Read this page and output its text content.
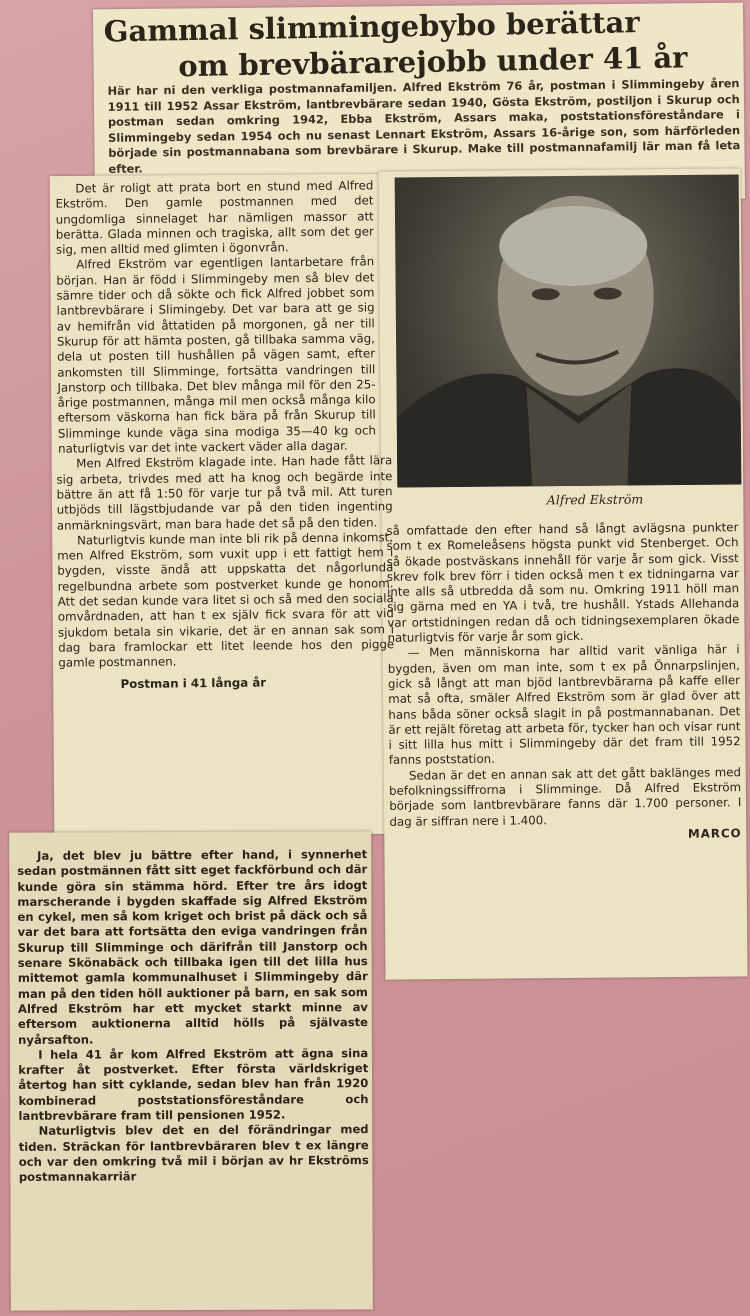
Gammal slimmingebybo berättar
om brevbärarejobb under 41 år
Här har ni den verkliga postmannafamiljen. Alfred Ekström 76 år, postman i Slimmingeby åren 1911 till 1952 Assar Ekström, lantbrevbärare sedan 1940, Gösta Ekström, postiljon i Skurup och postman sedan omkring 1942, Ebba Ekström, Assars maka, poststationsföreståndare i Slimmingeby sedan 1954 och nu senast Lennart Ekström, Assars 16-årige son, som härförleden började sin postmannabana som brevbärare i Skurup. Make till postmannafamilj lär man få leta efter.
Alfred Ekström

Det är roligt att prata bort en stund med Alfred Ekström. Den gamle postmannen med det ungdomliga sinnelaget har nämligen massor att berätta. Glada minnen och tragiska, allt som det ger sig, men alltid med glimten i ögonvrån.

Alfred Ekström var egentligen lantarbetare från början. Han är född i Slimmingeby men så blev det sämre tider och då sökte och fick Alfred jobbet som lantbrevbärare i Slimingeby. Det var bara att ge sig av hemifrån vid åttatiden på morgonen, gå ner till Skurup för att hämta posten, gå tillbaka samma väg, dela ut posten till hushållen på vägen samt, efter ankomsten till Slimminge, fortsätta vandringen till Janstorp och tillbaka. Det blev många mil för den 25-årige postmannen, många mil men också många kilo eftersom väskorna han fick bära på från Skurup till Slimminge kunde väga sina modiga 35—40 kg och naturligtvis var det inte vackert väder alla dagar.

Men Alfred Ekström klagade inte. Han hade fått lära sig arbeta, trivdes med att ha knog och begärde inte bättre än att få 1:50 för varje tur på två mil. Att turen utbjöds till lägstbjudande var på den tiden ingenting anmärkningsvärt, man bara hade det så på den tiden.

Naturligtvis kunde man inte bli rik på denna inkomst, men Alfred Ekström, som vuxit upp i ett fattigt hem i bygden, visste ändå att uppskatta det någorlunda regelbundna arbete som postverket kunde ge honom. Att det sedan kunde vara litet si och så med den sociala omvårdnaden, att han t ex själv fick svara för att vid sjukdom betala sin vikarie, det är en annan sak som i dag bara framlockar ett litet leende hos den pigge gamle postmannen.

Postman i 41 långa år

Ja, det blev ju bättre efter hand, i synnerhet sedan postmännen fått sitt eget fackförbund och där kunde göra sin stämma hörd. Efter tre års idogt marscherande i bygden skaffade sig Alfred Ekström en cykel, men så kom kriget och brist på däck och så var det bara att fortsätta den eviga vandringen från Skurup till Slimminge och därifrån till Janstorp och senare Skönabäck och tillbaka igen till det lilla hus mittemot gamla kommunalhuset i Slimmingeby där man på den tiden höll auktioner på barn, en sak som Alfred Ekström har ett mycket starkt minne av eftersom auktionerna alltid hölls på självaste nyårsafton.

I hela 41 år kom Alfred Ekström att ägna sina krafter åt postverket. Efter första världskriget återtog han sitt cyklande, sedan blev han från 1920 kombinerad poststationsföreståndare och lantbrevbärare fram till pensionen 1952.

Naturligtvis blev det en del förändringar med tiden. Sträckan för lantbrevbäraren blev t ex längre och var den omkring två mil i början av hr Ekströms postmannakarriär

så omfattade den efter hand så långt avlägsna punkter som t ex Romeleåsens högsta punkt vid Stenberget. Och så ökade postväskans innehåll för varje år som gick. Visst skrev folk brev förr i tiden också men t ex tidningarna var inte alls så utbredda då som nu. Omkring 1911 höll man sig gärna med en YA i två, tre hushåll. Ystads Allehanda var ortstidningen redan då och tidningsexemplaren ökade naturligtvis för varje år som gick.

— Men människorna har alltid varit vänliga här i bygden, även om man inte, som t ex på Önnarpslinjen, gick så långt att man bjöd lantbrevbärarna på kaffe eller mat så ofta, smäler Alfred Ekström som är glad över att hans båda söner också slagit in på postmannabanan. Det är ett rejält företag att arbeta för, tycker han och visar runt i sitt lilla hus mitt i Slimmingeby där det fram till 1952 fanns poststation.

Sedan är det en annan sak att det gått baklänges med befolkningssiffrorna i Slimminge. Då Alfred Ekström började som lantbrevbärare fanns där 1.700 personer. I dag är siffran nere i 1.400.

MARCO
